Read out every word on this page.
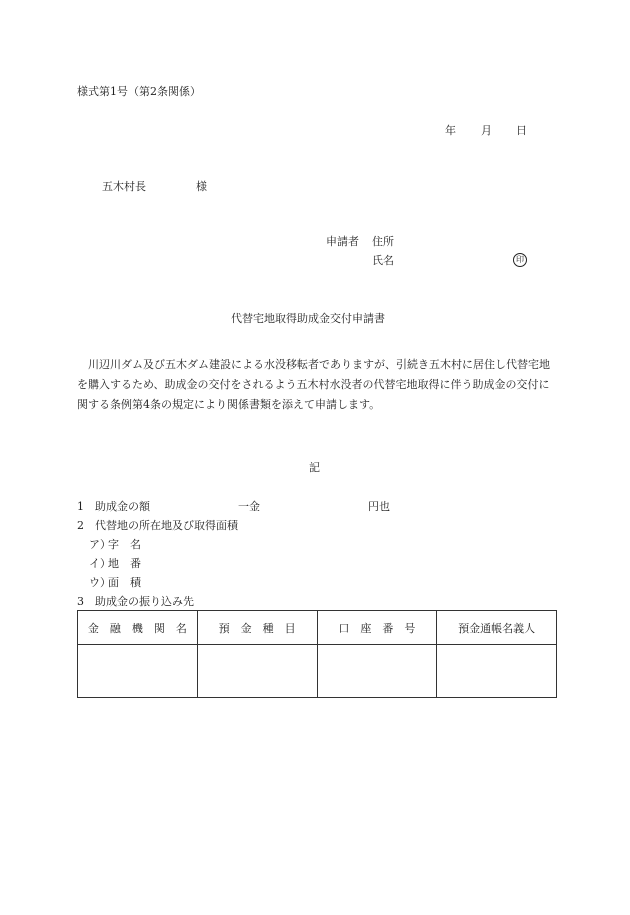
様式第1号（第2条関係）
年 月 日
五木村長	様
申請者 住所
氏名	印
代替宅地取得助成金交付申請書

川辺川ダム及び五木ダム建設による水没移転者でありますが、引続き五木村に居住し代替宅地を購入するため、助成金の交付をされるよう五木村水没者の代替宅地取得に伴う助成金の交付に関する条例第4条の規定により関係書類を添えて申請します。

記
1 助成金の額	一金	円也
2 代替地の所在地及び取得面積
ア）
字　名
イ）
地　番
ウ）
面　積
3 助成金の振り込み先
金　融　機　関　名	預　金　種　目	口　座　番　号	預金通帳名義人
